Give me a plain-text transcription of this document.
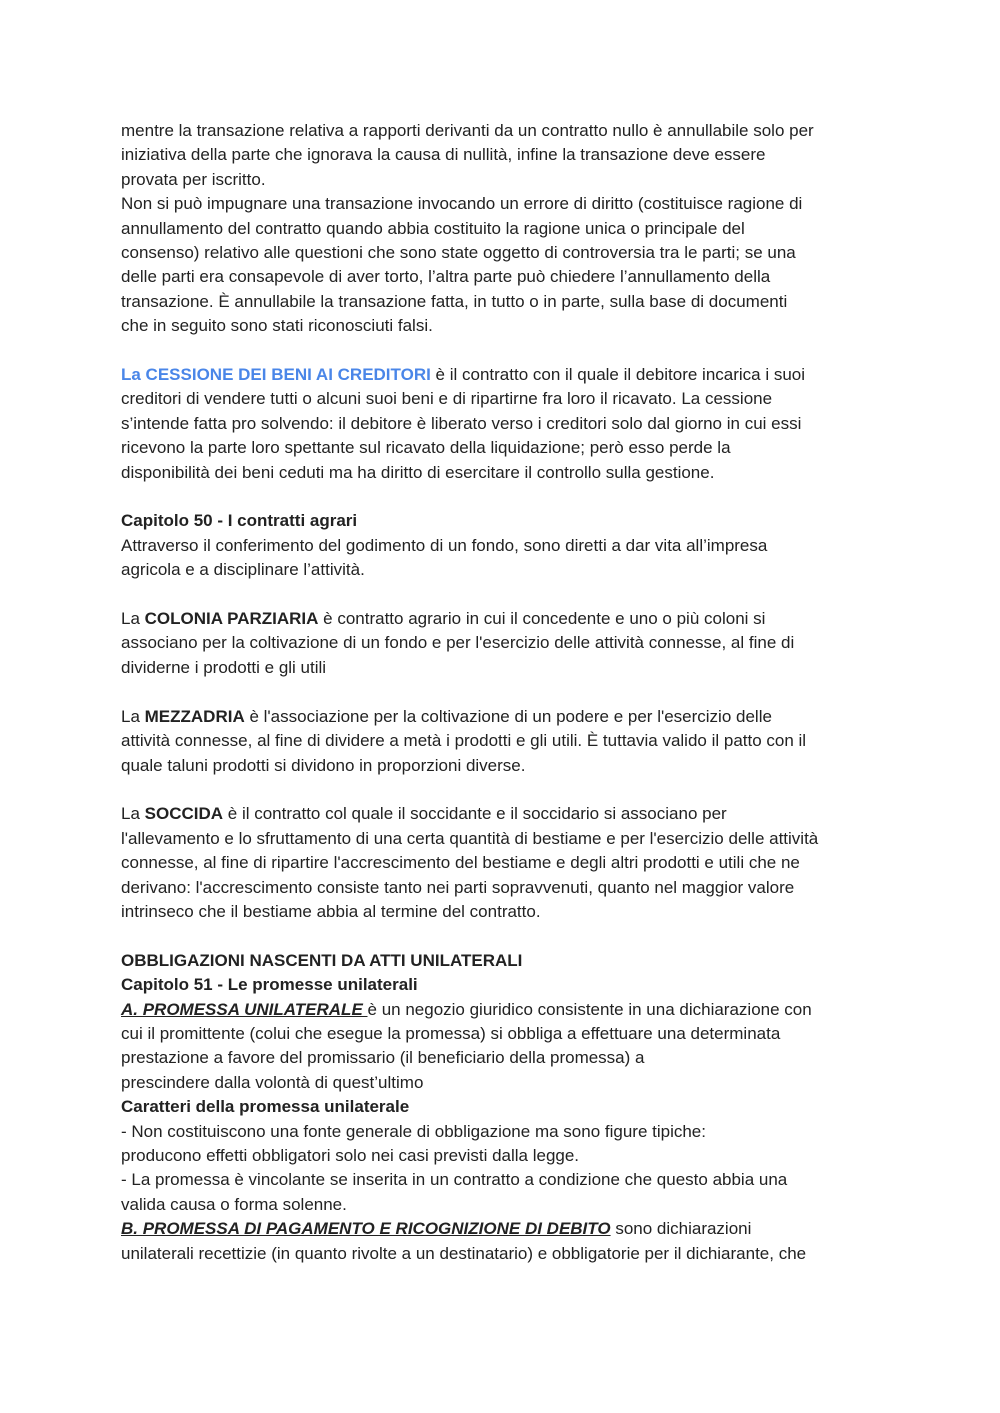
mentre la transazione relativa a rapporti derivanti da un contratto nullo è annullabile solo per
iniziativa della parte che ignorava la causa di nullità, infine la transazione deve essere
provata per iscritto.

Non si può impugnare una transazione invocando un errore di diritto (costituisce ragione di
annullamento del contratto quando abbia costituito la ragione unica o principale del
consenso) relativo alle questioni che sono state oggetto di controversia tra le parti; se una
delle parti era consapevole di aver torto, l’altra parte può chiedere l’annullamento della
transazione. È annullabile la transazione fatta, in tutto o in parte, sulla base di documenti
che in seguito sono stati riconosciuti falsi.

La CESSIONE DEI BENI AI CREDITORI è il contratto con il quale il debitore incarica i suoi
creditori di vendere tutti o alcuni suoi beni e di ripartirne fra loro il ricavato. La cessione
s’intende fatta pro solvendo: il debitore è liberato verso i creditori solo dal giorno in cui essi
ricevono la parte loro spettante sul ricavato della liquidazione; però esso perde la
disponibilità dei beni ceduti ma ha diritto di esercitare il controllo sulla gestione.

Capitolo 50 - I contratti agrari
Attraverso il conferimento del godimento di un fondo, sono diretti a dar vita all’impresa
agricola e a disciplinare l’attività.

La COLONIA PARZIARIA è contratto agrario in cui il concedente e uno o più coloni si
associano per la coltivazione di un fondo e per l'esercizio delle attività connesse, al fine di
dividerne i prodotti e gli utili

La MEZZADRIA è l'associazione per la coltivazione di un podere e per l'esercizio delle
attività connesse, al fine di dividere a metà i prodotti e gli utili. È tuttavia valido il patto con il
quale taluni prodotti si dividono in proporzioni diverse.

La SOCCIDA è il contratto col quale il soccidante e il soccidario si associano per
l'allevamento e lo sfruttamento di una certa quantità di bestiame e per l'esercizio delle attività
connesse, al fine di ripartire l'accrescimento del bestiame e degli altri prodotti e utili che ne
derivano: l'accrescimento consiste tanto nei parti sopravvenuti, quanto nel maggior valore
intrinseco che il bestiame abbia al termine del contratto.

OBBLIGAZIONI NASCENTI DA ATTI UNILATERALI
Capitolo 51 - Le promesse unilaterali
A. PROMESSA UNILATERALE è un negozio giuridico consistente in una dichiarazione con
cui il promittente (colui che esegue la promessa) si obbliga a effettuare una determinata
prestazione a favore del promissario (il beneficiario della promessa) a
prescindere dalla volontà di quest’ultimo
Caratteri della promessa unilaterale
- Non costituiscono una fonte generale di obbligazione ma sono figure tipiche:
producono effetti obbligatori solo nei casi previsti dalla legge.
- La promessa è vincolante se inserita in un contratto a condizione che questo abbia una
valida causa o forma solenne.
B. PROMESSA DI PAGAMENTO E RICOGNIZIONE DI DEBITO sono dichiarazioni
unilaterali recettizie (in quanto rivolte a un destinatario) e obbligatorie per il dichiarante, che
